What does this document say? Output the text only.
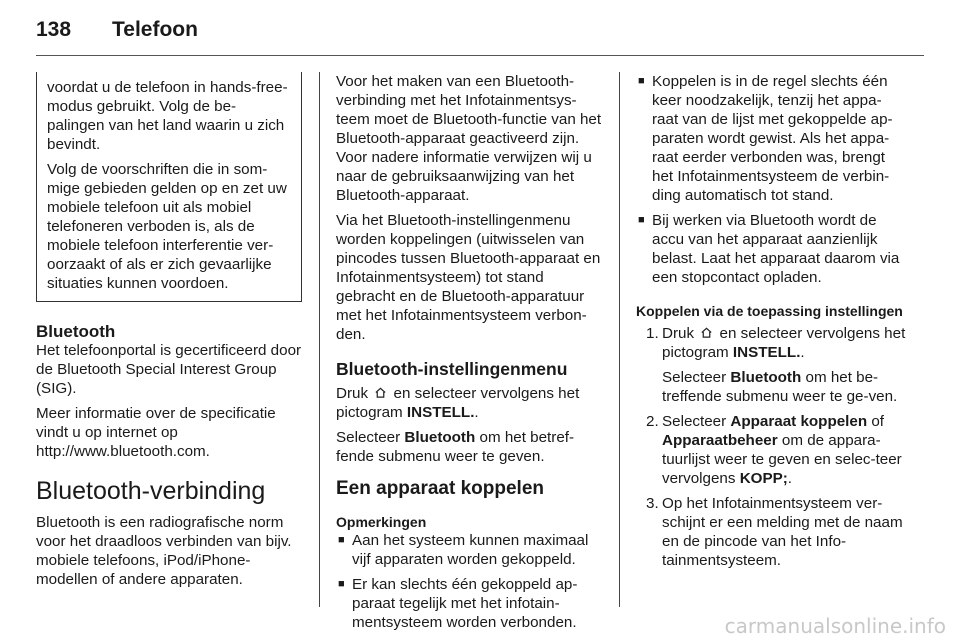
138	Telefoon

voordat u de telefoon in hands-free-modus gebruikt. Volg de be-palingen van het land waarin u zich bevindt.

Volg de voorschriften die in som-mige gebieden gelden op en zet uw mobiele telefoon uit als mobiel telefoneren verboden is, als de mobiele telefoon interferentie ver-oorzaakt of als er zich gevaarlijke situaties kunnen voordoen.

Bluetooth

Het telefoonportal is gecertificeerd door de Bluetooth Special Interest Group (SIG).

Meer informatie over de specificatie vindt u op internet op
http://www.bluetooth.com.

Bluetooth-verbinding

Bluetooth is een radiografische norm voor het draadloos verbinden van bijv. mobiele telefoons, iPod/iPhone-modellen of andere apparaten.

Voor het maken van een Bluetooth-verbinding met het Infotainmentsys-teem moet de Bluetooth-functie van het Bluetooth-apparaat geactiveerd zijn. Voor nadere informatie verwijzen wij u naar de gebruiksaanwijzing van het Bluetooth-apparaat.

Via het Bluetooth-instellingenmenu worden koppelingen (uitwisselen van pincodes tussen Bluetooth-apparaat en Infotainmentsysteem) tot stand gebracht en de Bluetooth-apparatuur met het Infotainmentsysteem verbon-den.

Bluetooth-instellingenmenu

Druk en selecteer vervolgens het pictogram INSTELL..

Selecteer Bluetooth om het betref-fende submenu weer te geven.

Een apparaat koppelen
Opmerkingen
■ Aan het systeem kunnen maximaal vijf apparaten worden gekoppeld.
■ Er kan slechts één gekoppeld ap-paraat tegelijk met het infotain-mentsysteem worden verbonden.
■ Koppelen is in de regel slechts één keer noodzakelijk, tenzij het appa-raat van de lijst met gekoppelde ap-paraten wordt gewist. Als het appa-raat eerder verbonden was, brengt het Infotainmentsysteem de verbin-ding automatisch tot stand.
■ Bij werken via Bluetooth wordt de accu van het apparaat aanzienlijk belast. Laat het apparaat daarom via een stopcontact opladen.
Koppelen via de toepassing instellingen
1. Druk en selecteer vervolgens het pictogram INSTELL..
Selecteer Bluetooth om het be-treffende submenu weer te ge-ven.
2. Selecteer Apparaat koppelen of Apparaatbeheer om de appara-tuurlijst weer te geven en selec-teer vervolgens KOPP;.
3. Op het Infotainmentsysteem ver-schijnt er een melding met de naam en de pincode van het Info-tainmentsysteem.
carmanualsonline.info
